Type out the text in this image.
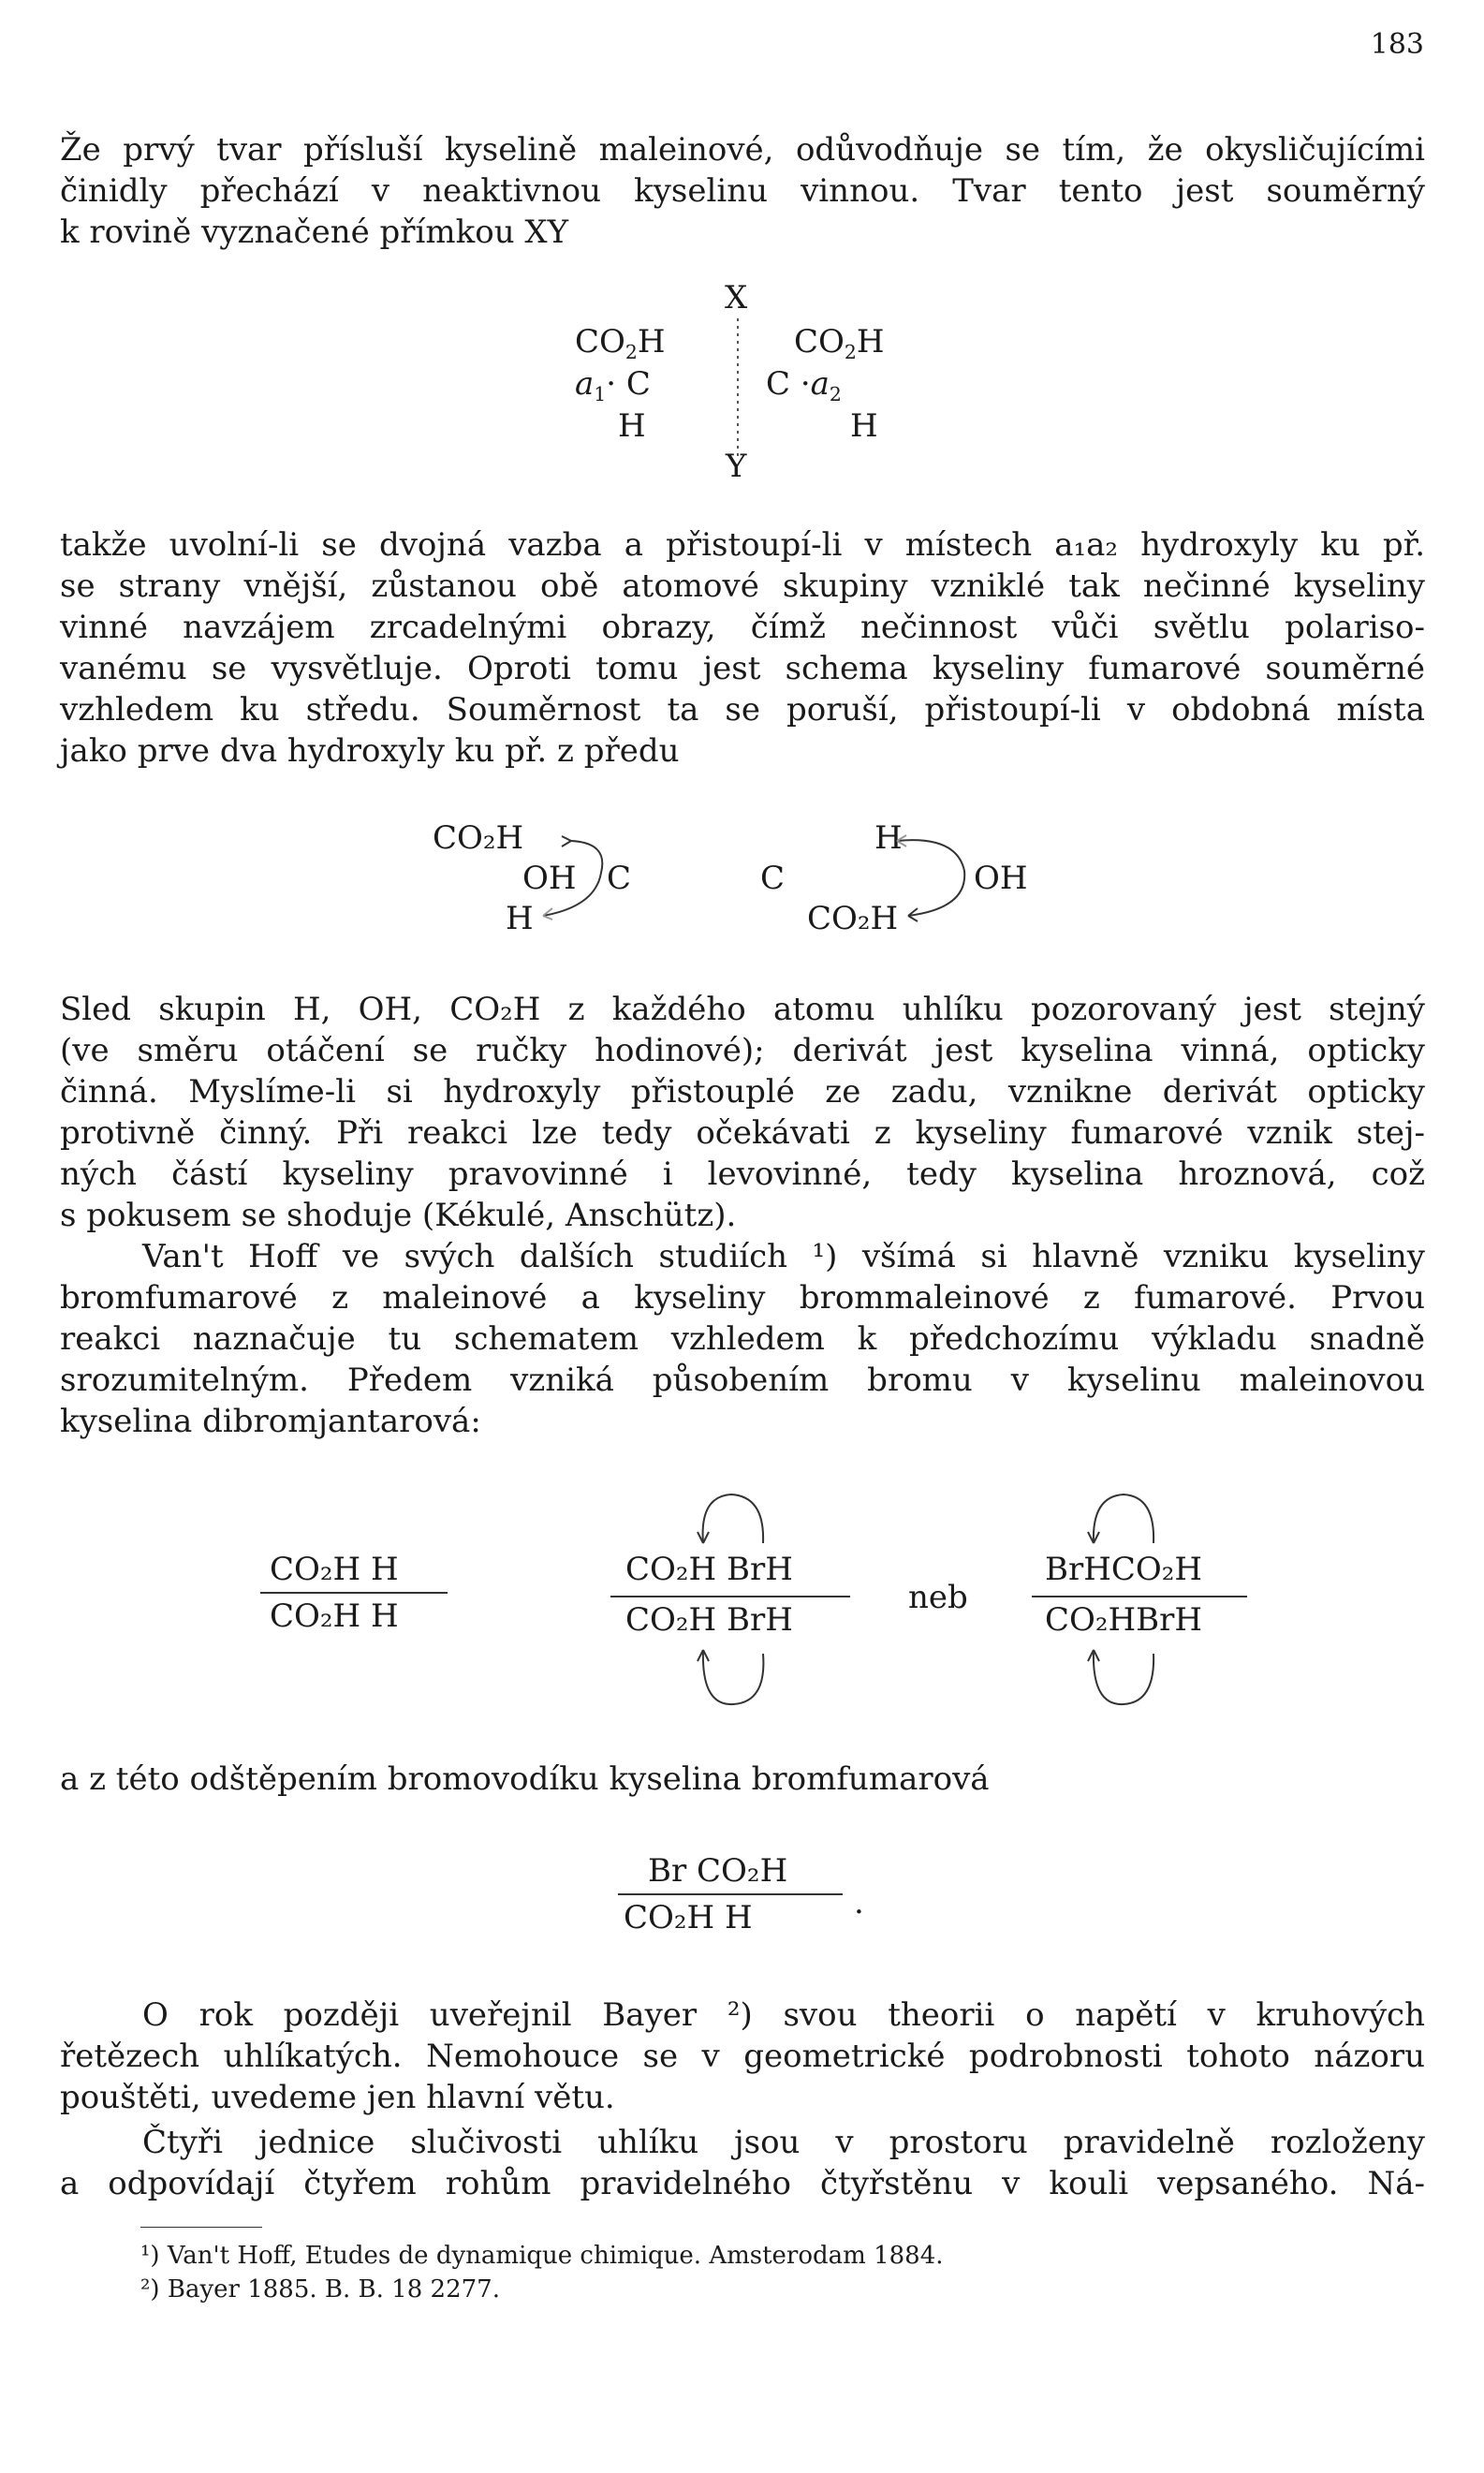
183
Že prvý tvar přísluší kyselině maleinové, odůvodňuje se tím, že okysličujícími
činidly přechází v neaktivnou kyselinu vinnou. Tvar tento jest souměrný
k rovině vyznačené přímkou XY
X
Y
$CO_2H$
$a_1\cdot C$
H
$CO_2H$
$C \cdot a_2$
H
takže uvolní-li se dvojná vazba a přistoupí-li v místech a₁a₂ hydroxyly ku př.
se strany vnější, zůstanou obě atomové skupiny vzniklé tak nečinné kyseliny
vinné navzájem zrcadelnými obrazy, čímž nečinnost vůči světlu polariso-
vanému se vysvětluje. Oproti tomu jest schema kyseliny fumarové souměrné
vzhledem ku středu. Souměrnost ta se poruší, přistoupí-li v obdobná místa
jako prve dva hydroxyly ku př. z předu
CO₂H
OH C
H
H
C	OH
CO₂H
Sled skupin H, OH, CO₂H z každého atomu uhlíku pozorovaný jest stejný
(ve směru otáčení se ručky hodinové); derivát jest kyselina vinná, opticky
činná. Myslíme-li si hydroxyly přistouplé ze zadu, vznikne derivát opticky
protivně činný. Při reakci lze tedy očekávati z kyseliny fumarové vznik stej-
ných částí kyseliny pravovinné i levovinné, tedy kyselina hroznová, což
s pokusem se shoduje (Kékulé, Anschütz).
Van't Hoff ve svých dalších studiích ¹) všímá si hlavně vzniku kyseliny
bromfumarové z maleinové a kyseliny brommaleinové z fumarové. Prvou
reakci naznačuje tu schematem vzhledem k předchozímu výkladu snadně
srozumitelným. Předem vzniká působením bromu v kyselinu maleinovou
kyselina dibromjantarová:
CO₂H H
CO₂H H
CO₂H BrH
CO₂H BrH
neb
BrHCO₂H
CO₂HBrH
a z této odštěpením bromovodíku kyselina bromfumarová
Br CO₂H
CO₂H H	.
O rok později uveřejnil Bayer ²) svou theorii o napětí v kruhových
řetězech uhlíkatých. Nemohouce se v geometrické podrobnosti tohoto názoru
pouštěti, uvedeme jen hlavní větu.
Čtyři jednice slučivosti uhlíku jsou v prostoru pravidelně rozloženy
a odpovídají čtyřem rohům pravidelného čtyřstěnu v kouli vepsaného. Ná-
¹) Van't Hoff, Etudes de dynamique chimique. Amsterodam 1884.
²) Bayer 1885. B. B. 18 2277.
